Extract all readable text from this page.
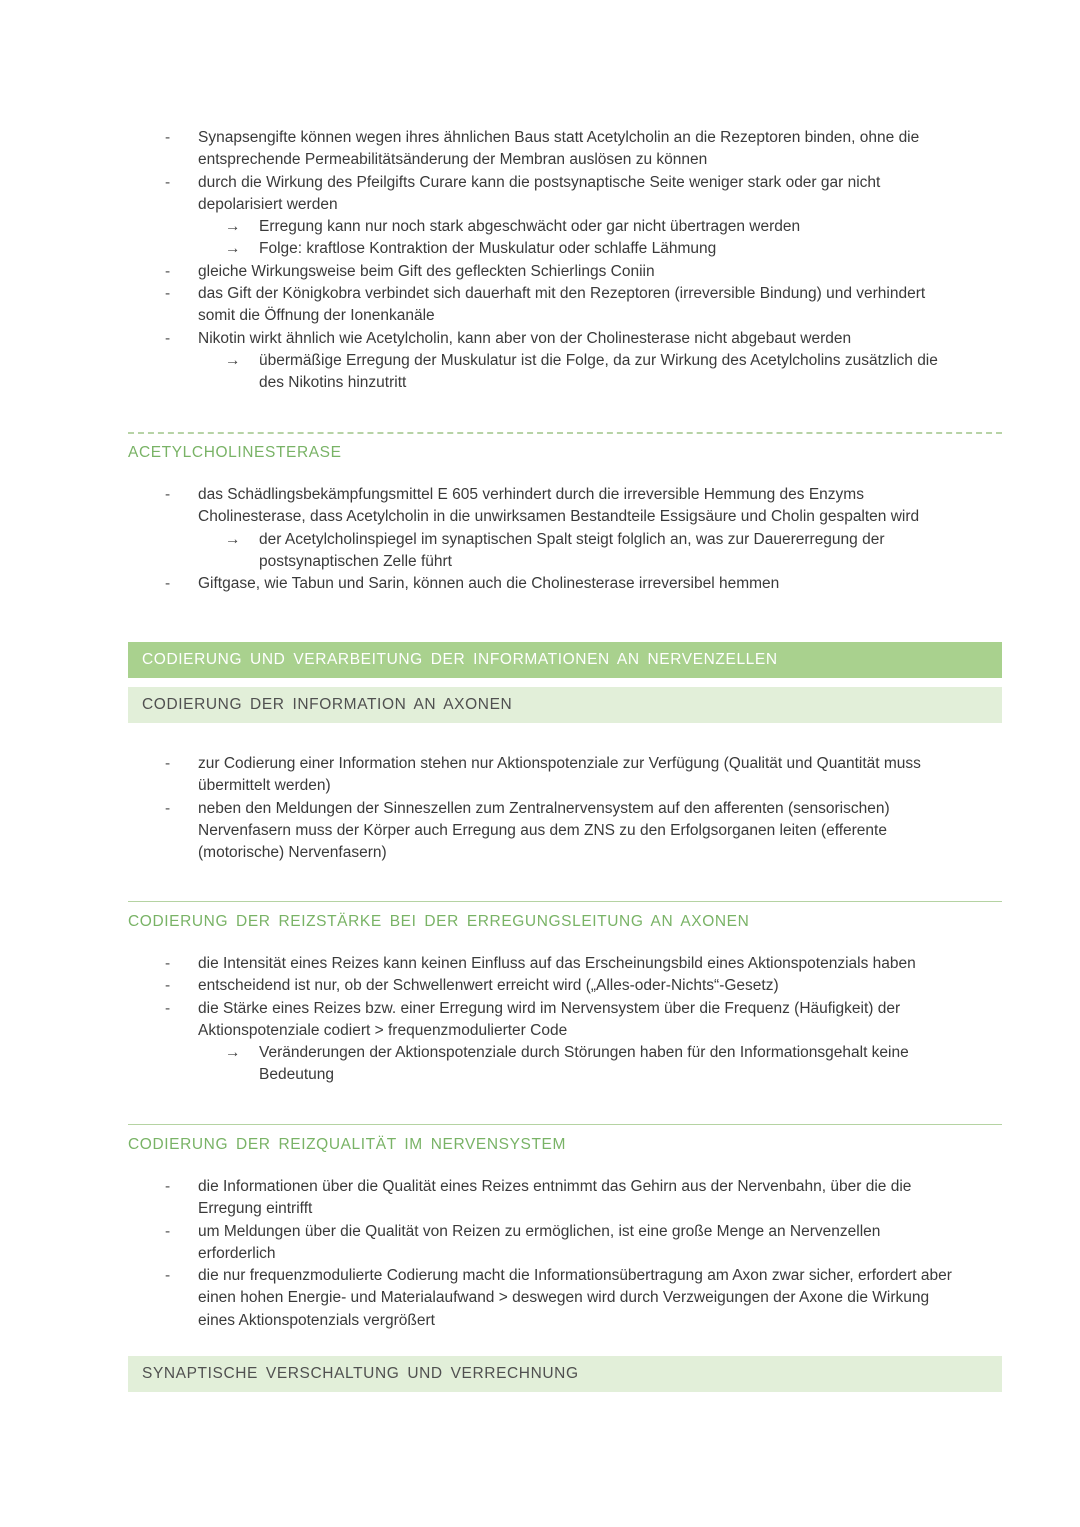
- Synapsengifte können wegen ihres ähnlichen Baus statt Acetylcholin an die Rezeptoren binden, ohne die entsprechende Permeabilitätsänderung der Membran auslösen zu können
- durch die Wirkung des Pfeilgifts Curare kann die postsynaptische Seite weniger stark oder gar nicht depolarisiert werden
→ Erregung kann nur noch stark abgeschwächt oder gar nicht übertragen werden
→ Folge: kraftlose Kontraktion der Muskulatur oder schlaffe Lähmung
- gleiche Wirkungsweise beim Gift des gefleckten Schierlings Coniin
- das Gift der Königkobra verbindet sich dauerhaft mit den Rezeptoren (irreversible Bindung) und verhindert somit die Öffnung der Ionenkanäle
- Nikotin wirkt ähnlich wie Acetylcholin, kann aber von der Cholinesterase nicht abgebaut werden
→ übermäßige Erregung der Muskulatur ist die Folge, da zur Wirkung des Acetylcholins zusätzlich die des Nikotins hinzutritt
ACETYLCHOLINESTERASE
- das Schädlingsbekämpfungsmittel E 605 verhindert durch die irreversible Hemmung des Enzyms Cholinesterase, dass Acetylcholin in die unwirksamen Bestandteile Essigsäure und Cholin gespalten wird
→ der Acetylcholinspiegel im synaptischen Spalt steigt folglich an, was zur Dauererregung der postsynaptischen Zelle führt
- Giftgase, wie Tabun und Sarin, können auch die Cholinesterase irreversibel hemmen
CODIERUNG UND VERARBEITUNG DER INFORMATIONEN AN NERVENZELLEN
CODIERUNG DER INFORMATION AN AXONEN
- zur Codierung einer Information stehen nur Aktionspotenziale zur Verfügung (Qualität und Quantität muss übermittelt werden)
- neben den Meldungen der Sinneszellen zum Zentralnervensystem auf den afferenten (sensorischen) Nervenfasern muss der Körper auch Erregung aus dem ZNS zu den Erfolgsorganen leiten (efferente (motorische) Nervenfasern)
CODIERUNG DER REIZSTÄRKE BEI DER ERREGUNGSLEITUNG AN AXONEN
- die Intensität eines Reizes kann keinen Einfluss auf das Erscheinungsbild eines Aktionspotenzials haben
- entscheidend ist nur, ob der Schwellenwert erreicht wird („Alles-oder-Nichts“-Gesetz)
- die Stärke eines Reizes bzw. einer Erregung wird im Nervensystem über die Frequenz (Häufigkeit) der Aktionspotenziale codiert > frequenzmodulierter Code
→ Veränderungen der Aktionspotenziale durch Störungen haben für den Informationsgehalt keine Bedeutung
CODIERUNG DER REIZQUALITÄT IM NERVENSYSTEM
- die Informationen über die Qualität eines Reizes entnimmt das Gehirn aus der Nervenbahn, über die die Erregung eintrifft
- um Meldungen über die Qualität von Reizen zu ermöglichen, ist eine große Menge an Nervenzellen erforderlich
- die nur frequenzmodulierte Codierung macht die Informationsübertragung am Axon zwar sicher, erfordert aber einen hohen Energie- und Materialaufwand > deswegen wird durch Verzweigungen der Axone die Wirkung eines Aktionspotenzials vergrößert
SYNAPTISCHE VERSCHALTUNG UND VERRECHNUNG
